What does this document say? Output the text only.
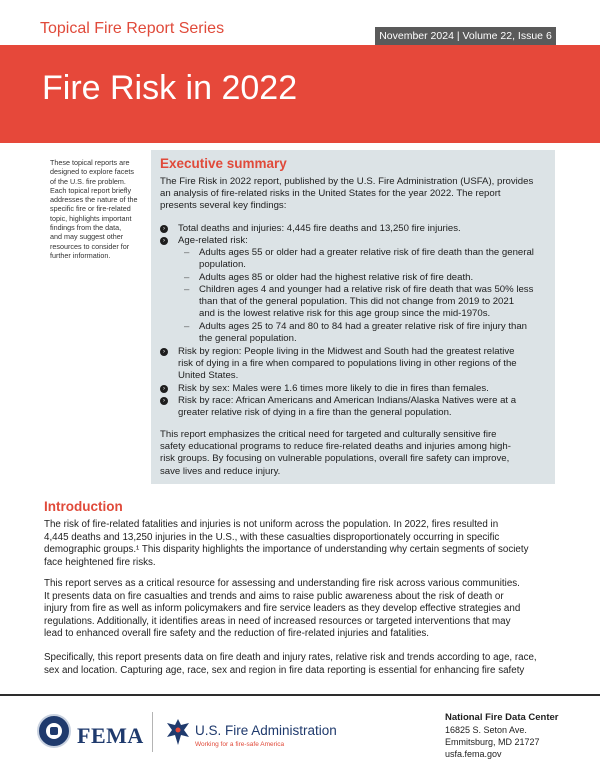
Topical Fire Report Series	November 2024 | Volume 22, Issue 6
Fire Risk in 2022
These topical reports are
designed to explore facets
of the U.S. fire problem.
Each topical report briefly
addresses the nature of the
specific fire or fire-related
topic, highlights important
findings from the data,
and may suggest other
resources to consider for
further information.
Executive summary
The Fire Risk in 2022 report, published by the U.S. Fire Administration (USFA), provides
an analysis of fire-related risks in the United States for the year 2022. The report
presents several key findings:
›	Total deaths and injuries: 4,445 fire deaths and 13,250 fire injuries.
›	Age-related risk:
– Adults ages 55 or older had a greater relative risk of fire death than the general
population.
– Adults ages 85 or older had the highest relative risk of fire death.
– Children ages 4 and younger had a relative risk of fire death that was 50% less
than that of the general population. This did not change from 2019 to 2021
and is the lowest relative risk for this age group since the mid-1970s.
– Adults ages 25 to 74 and 80 to 84 had a greater relative risk of fire injury than
the general population.
›	Risk by region: People living in the Midwest and South had the greatest relative
risk of dying in a fire when compared to populations living in other regions of the
United States.
›	Risk by sex: Males were 1.6 times more likely to die in fires than females.
›	Risk by race: African Americans and American Indians/Alaska Natives were at a
greater relative risk of dying in a fire than the general population.
This report emphasizes the critical need for targeted and culturally sensitive fire
safety educational programs to reduce fire-related deaths and injuries among high-
risk groups. By focusing on vulnerable populations, overall fire safety can improve,
save lives and reduce injury.
Introduction
The risk of fire-related fatalities and injuries is not uniform across the population. In 2022, fires resulted in
4,445 deaths and 13,250 injuries in the U.S., with these casualties disproportionately occurring in specific
demographic groups.¹ This disparity highlights the importance of understanding why certain segments of society
face heightened fire risks.
This report serves as a critical resource for assessing and understanding fire risk across various communities.
It presents data on fire casualties and trends and aims to raise public awareness about the risk of death or
injury from fire as well as inform policymakers and fire service leaders as they develop effective strategies and
regulations. Additionally, it identifies areas in need of increased resources or targeted interventions that may
lead to enhanced overall fire safety and the reduction of fire-related injuries and fatalities.
Specifically, this report presents data on fire death and injury rates, relative risk and trends according to age, race,
sex and location. Capturing age, race, sex and region in fire data reporting is essential for enhancing fire safety
FEMA	U.S. Fire Administration
Working for a fire-safe America
National Fire Data Center
16825 S. Seton Ave.
Emmitsburg, MD 21727
usfa.fema.gov
